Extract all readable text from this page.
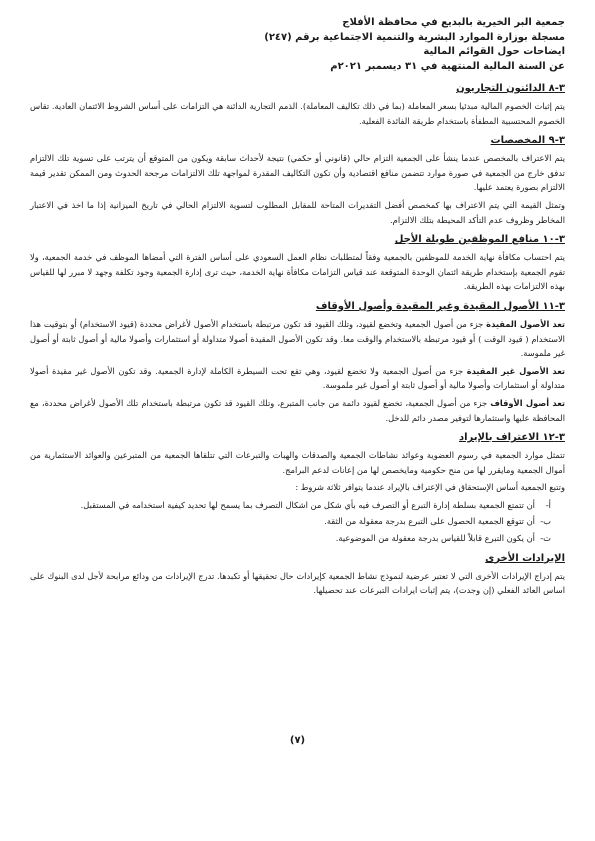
جمعية البر الخيرية بالبديع في محافظة الأفلاج

مسجلة بوزارة الموارد البشرية والتنمية الاجتماعية برقم (٢٤٧)

ايضاحات حول القوائم المالية

عن السنة المالية المنتهية في ٣١ ديسمبر ٢٠٢١م

٣-٨ الدائنون التجاريون

يتم إثبات الخصوم المالية مبدئيا بسعر المعاملة (بما في ذلك تكاليف المعاملة). الذمم التجارية الدائنة هي التزامات على أساس الشروط الائتمان العادية. تقاس الخصوم المحتسبية المطفأة باستخدام طريقة الفائدة الفعلية.

٣-٩ المخصصات

يتم الاعتراف بالمخصص عندما ينشأ على الجمعية التزام حالي (قانوني أو حكمي) نتيجة لأحداث سابقة ويكون من المتوقع أن يترتب على تسوية تلك الالتزام تدفق خارج من الجمعية في صورة موارد تتضمن منافع اقتصادية وأن تكون التكاليف المقدرة لمواجهة تلك الالتزامات مرجحة الحدوث ومن الممكن تقدير قيمة الالتزام بصورة يعتمد عليها.

وتمثل القيمة التي يتم الاعتراف بها كمخصص أفضل التقديرات المتاحة للمقابل المطلوب لتسوية الالتزام الحالي في تاريخ الميزانية إذا ما اخذ في الاعتبار المخاطر وظروف عدم التأكد المحيطة بتلك الالتزام.

٣-١٠ منافع الموظفين طويلة الأجل

يتم احتساب مكافأة نهاية الخدمة للموظفين بالجمعية وفقاً لمتطلبات نظام العمل السعودي على أساس الفترة التي أمضاها الموظف في خدمة الجمعية، ولا تقوم الجمعية بإستخدام طريقة ائتمان الوحدة المتوقعة عند قياس التزامات مكافأة نهاية الخدمة، حيث ترى إدارة الجمعية وجود تكلفة وجهد لا مبرر لها للقياس بهذه الالتزامات بهذه الطريقة.

٣-١١ الأصول المقيدة وغير المقيدة وأصول الأوقاف

تعد الأصول المقيدة جزء من أصول الجمعية وتخضع لقيود، وتلك القيود قد تكون مرتبطة باستخدام الأصول لأغراض محددة (قيود الاستخدام) أو بتوقيت هذا الاستخدام ( قيود الوقت ) أو قيود مرتبطة بالاستخدام والوقت معا. وقد تكون الأصول المقيدة أصولا متداولة أو استثمارات وأصولا مالية أو أصول ثابتة أو أصول غير ملموسة.

تعد الأصول غير المقيدة جزء من أصول الجمعية ولا تخضع لقيود، وهي تقع تحت السيطرة الكاملة لإدارة الجمعية. وقد تكون الأصول غير مقيدة أصولا متداولة أو استثمارات وأصولا مالية أو أصول ثابتة او أصول غير ملموسة.

تعد أصول الأوقاف جزء من أصول الجمعية، تخضع لقيود دائمة من جانب المتبرع، وتلك القيود قد تكون مرتبطة باستخدام تلك الأصول لأغراض محددة، مع المحافظة عليها واستثمارها لتوفير مصدر دائم للدخل.

٣-١٢ الاعتراف بالإيراد

تتمثل موارد الجمعية في رسوم العضوية وعوائد نشاطات الجمعية والصدقات والهبات والتبرعات التي تتلقاها الجمعية من المتبرعين والعوائد الاستثمارية من أموال الجمعية ومايقرر لها من منح حكومية ومايخصص لها من إعانات لدعم البرامج.

وتتبع الجمعية أساس الإستحقاق في الإعتراف بالإيراد عندما يتوافر ثلاثة شروط :

أ-
أن تتمتع الجمعية بسلطة إدارة التبرع أو التصرف فيه بأي شكل من اشكال التصرف بما يسمح لها تحديد كيفية استخدامه في المستقبل.
ب-
أن تتوقع الجمعية الحصول على التبرع بدرجة معقولة من الثقة.
ت-
أن يكون التبرع قابلاً للقياس بدرجة معقولة من الموضوعية.
الإيرادات الأخرى

يتم إدراج الإيرادات الأخرى التي لا تعتبر عرضية لنموذج نشاط الجمعية كإيرادات حال تحقيقها أو تكبدها. تدرج الإيرادات من ودائع مرابحة لأجل لدى البنوك على اساس العائد الفعلي (إن وجدت)، يتم إثبات ايرادات التبرعات عند تحصيلها.

(٧)
